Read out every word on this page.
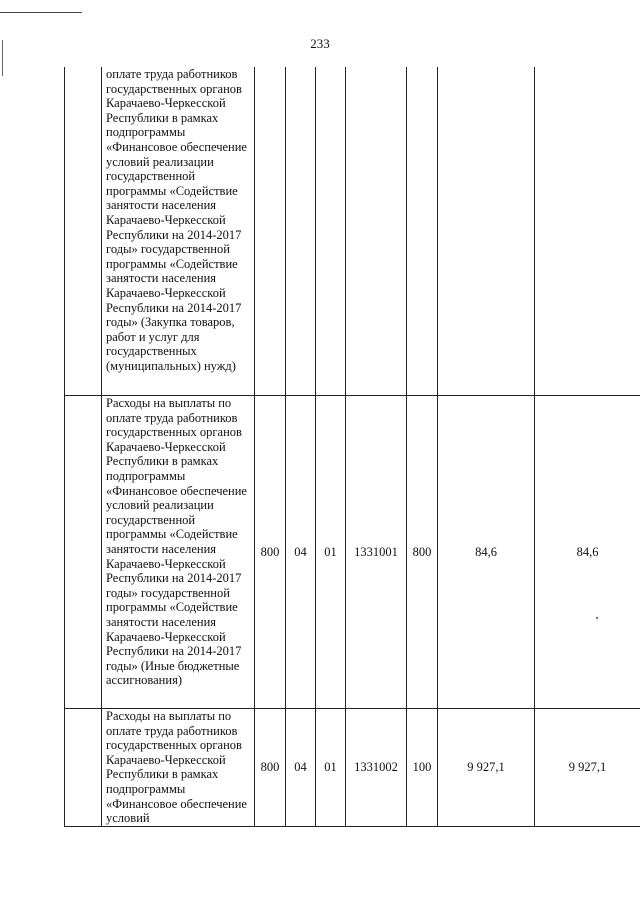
233
	оплате труда работников государственных органов Карачаево-Черкесской Республики в рамках подпрограммы «Финансовое обеспечение условий реализации государственной программы «Содействие занятости населения Карачаево-Черкесской Республики на 2014-2017 годы» государственной программы «Содействие занятости населения Карачаево-Черкесской Республики на 2014-2017 годы» (Закупка товаров, работ и услуг для государственных (муниципальных) нужд)							
	Расходы на выплаты по оплате труда работников государственных органов Карачаево-Черкесской Республики в рамках подпрограммы «Финансовое обеспечение условий реализации государственной программы «Содействие занятости населения Карачаево-Черкесской Республики на 2014-2017 годы» государственной программы «Содействие занятости населения Карачаево-Черкесской Республики на 2014-2017 годы» (Иные бюджетные ассигнования)	800	04	01	1331001	800	84,6	84,6
	Расходы на выплаты по оплате труда работников государственных органов Карачаево-Черкесской Республики в рамках подпрограммы «Финансовое обеспечение условий	800	04	01	1331002	100	9 927,1	9 927,1
